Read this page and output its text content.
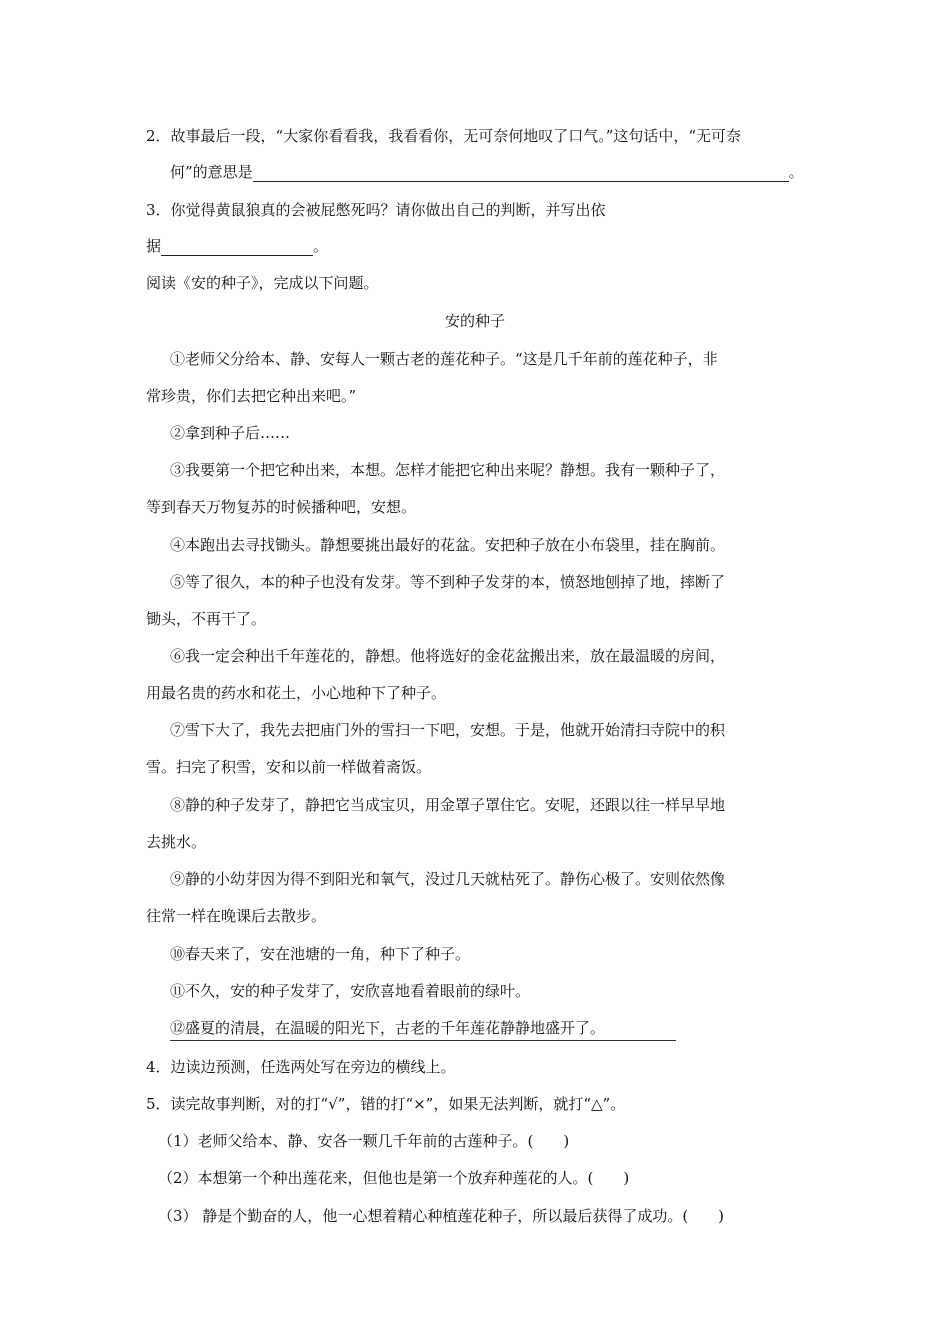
2．故事最后一段，“大家你看看我，我看看你，无可奈何地叹了口气。”这句话中，“无可奈
何”的意思是	。
3．你觉得黄鼠狼真的会被屁憋死吗？请你做出自己的判断，并写出依
据	。
阅读《安的种子》，完成以下问题。
安的种子
①老师父分给本、静、安每人一颗古老的莲花种子。“这是几千年前的莲花种子，非
常珍贵，你们去把它种出来吧。”
②拿到种子后……
③我要第一个把它种出来，本想。怎样才能把它种出来呢？静想。我有一颗种子了，
等到春天万物复苏的时候播种吧，安想。
④本跑出去寻找锄头。静想要挑出最好的花盆。安把种子放在小布袋里，挂在胸前。
⑤等了很久，本的种子也没有发芽。等不到种子发芽的本，愤怒地刨掉了地，摔断了
锄头，不再干了。
⑥我一定会种出千年莲花的，静想。他将选好的金花盆搬出来，放在最温暖的房间，
用最名贵的药水和花土，小心地种下了种子。
⑦雪下大了，我先去把庙门外的雪扫一下吧，安想。于是，他就开始清扫寺院中的积
雪。扫完了积雪，安和以前一样做着斋饭。
⑧静的种子发芽了，静把它当成宝贝，用金罩子罩住它。安呢，还跟以往一样早早地
去挑水。
⑨静的小幼芽因为得不到阳光和氧气，没过几天就枯死了。静伤心极了。安则依然像
往常一样在晚课后去散步。
⑩春天来了，安在池塘的一角，种下了种子。
⑪不久，安的种子发芽了，安欣喜地看着眼前的绿叶。
⑫盛夏的清晨，在温暖的阳光下，古老的千年莲花静静地盛开了。
4．边读边预测，任选两处写在旁边的横线上。
5．读完故事判断，对的打“√”，错的打“×”，如果无法判断，就打“△”。
（1）老师父给本、静、安各一颗几千年前的古莲种子。(　　)
（2）本想第一个种出莲花来，但他也是第一个放弃种莲花的人。(　　)
（3） 静是个勤奋的人，他一心想着精心种植莲花种子，所以最后获得了成功。(　　)
